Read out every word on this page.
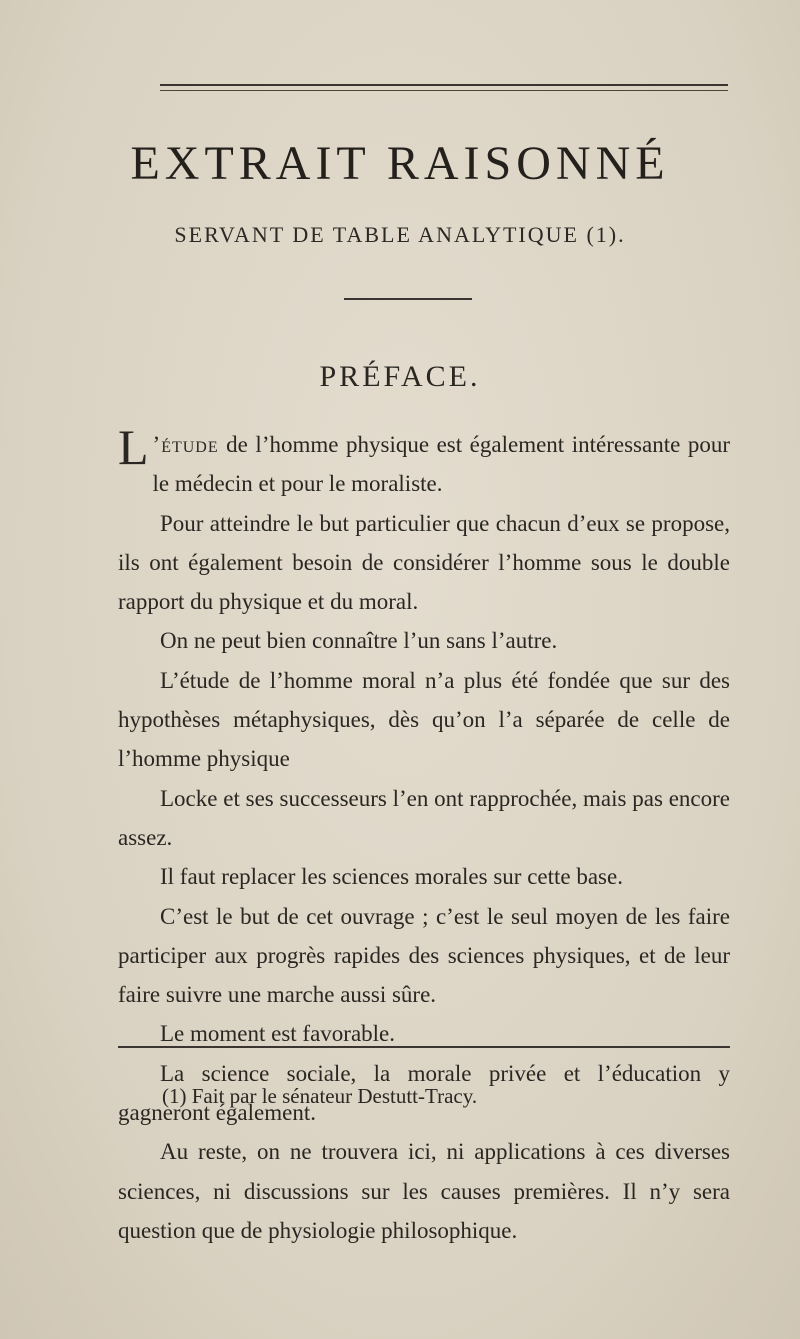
EXTRAIT RAISONNÉ
SERVANT DE TABLE ANALYTIQUE (1).
PRÉFACE.

L ’étude de l’homme physique est également intéressante pour le médecin et pour le moraliste.

Pour atteindre le but particulier que chacun d’eux se propose, ils ont également besoin de considérer l’homme sous le double rapport du physique et du moral.

On ne peut bien connaître l’un sans l’autre.

L’étude de l’homme moral n’a plus été fondée que sur des hypothèses métaphysiques, dès qu’on l’a séparée de celle de l’homme physique

Locke et ses successeurs l’en ont rapprochée, mais pas encore assez.

Il faut replacer les sciences morales sur cette base.

C’est le but de cet ouvrage ; c’est le seul moyen de les faire participer aux progrès rapides des sciences physiques, et de leur faire suivre une marche aussi sûre.

Le moment est favorable.

La science sociale, la morale privée et l’éducation y gagneront également.

Au reste, on ne trouvera ici, ni applications à ces diverses sciences, ni discussions sur les causes premières. Il n’y sera question que de physiologie philosophique.

(1) Fait par le sénateur Destutt-Tracy.
